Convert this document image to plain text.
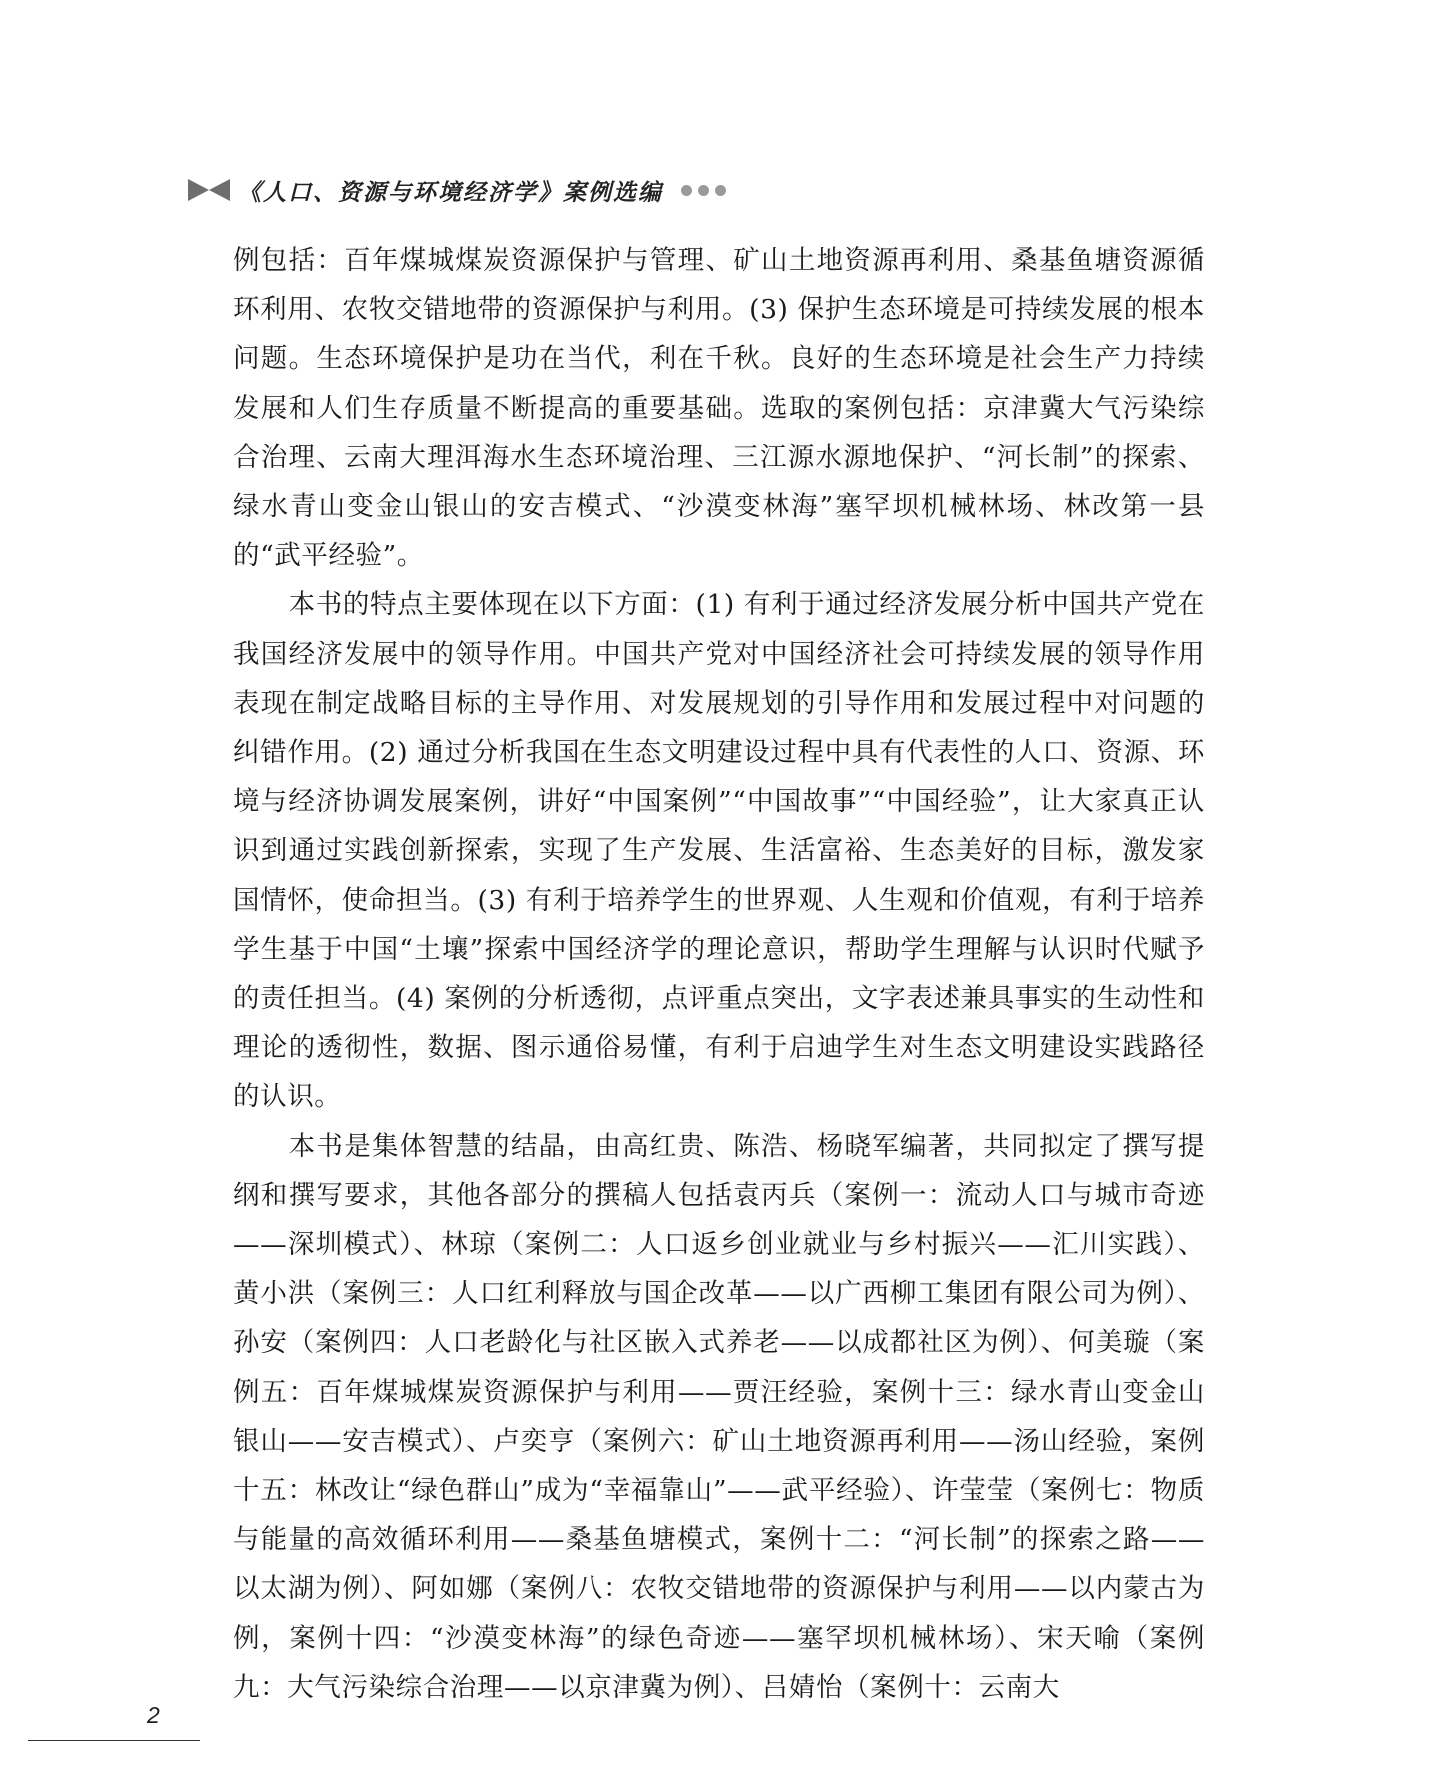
《人口、资源与环境经济学》案例选编

例包括：百年煤城煤炭资源保护与管理、矿山土地资源再利用、桑基鱼塘资源循环利用、农牧交错地带的资源保护与利用。(3) 保护生态环境是可持续发展的根本问题。生态环境保护是功在当代，利在千秋。良好的生态环境是社会生产力持续发展和人们生存质量不断提高的重要基础。选取的案例包括：京津冀大气污染综合治理、云南大理洱海水生态环境治理、三江源水源地保护、“河长制”的探索、绿水青山变金山银山的安吉模式、“沙漠变林海”塞罕坝机械林场、林改第一县的“武平经验”。

本书的特点主要体现在以下方面：(1) 有利于通过经济发展分析中国共产党在我国经济发展中的领导作用。中国共产党对中国经济社会可持续发展的领导作用表现在制定战略目标的主导作用、对发展规划的引导作用和发展过程中对问题的纠错作用。(2) 通过分析我国在生态文明建设过程中具有代表性的人口、资源、环境与经济协调发展案例，讲好“中国案例”“中国故事”“中国经验”，让大家真正认识到通过实践创新探索，实现了生产发展、生活富裕、生态美好的目标，激发家国情怀，使命担当。(3) 有利于培养学生的世界观、人生观和价值观，有利于培养学生基于中国“土壤”探索中国经济学的理论意识，帮助学生理解与认识时代赋予的责任担当。(4) 案例的分析透彻，点评重点突出，文字表述兼具事实的生动性和理论的透彻性，数据、图示通俗易懂，有利于启迪学生对生态文明建设实践路径的认识。

本书是集体智慧的结晶，由高红贵、陈浩、杨晓军编著，共同拟定了撰写提纲和撰写要求，其他各部分的撰稿人包括袁丙兵（案例一：流动人口与城市奇迹——深圳模式）、林琼（案例二：人口返乡创业就业与乡村振兴——汇川实践）、黄小洪（案例三：人口红利释放与国企改革——以广西柳工集团有限公司为例）、孙安（案例四：人口老龄化与社区嵌入式养老——以成都社区为例）、何美璇（案例五：百年煤城煤炭资源保护与利用——贾汪经验，案例十三：绿水青山变金山银山——安吉模式）、卢奕亨（案例六：矿山土地资源再利用——汤山经验，案例十五：林改让“绿色群山”成为“幸福靠山”——武平经验）、许莹莹（案例七：物质与能量的高效循环利用——桑基鱼塘模式，案例十二：“河长制”的探索之路——以太湖为例）、阿如娜（案例八：农牧交错地带的资源保护与利用——以内蒙古为例，案例十四：“沙漠变林海”的绿色奇迹——塞罕坝机械林场）、宋天喻（案例九：大气污染综合治理——以京津冀为例）、吕婧怡（案例十：云南大

2
